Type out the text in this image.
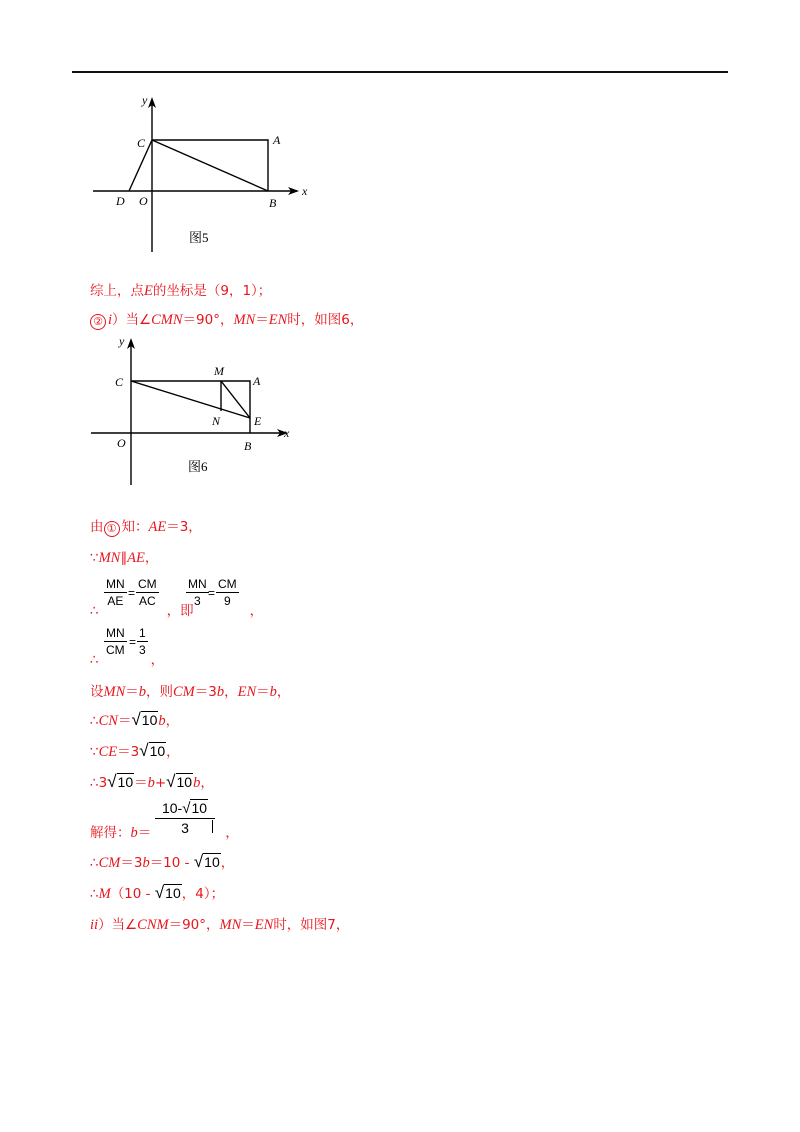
y
x
C	A
D O	B
图5
综上，点E的坐标是（9，1）；
② i）当∠CMN＝90°，MN＝EN时，如图6，
y
x
C
M
A
N	E
O	B
图6
由 ① 知：AE＝3，
∵MN∥AE，
MN
AE
=
CM
AC
MN
3
=
CM
9
∴	，即	，
MN
CM
=
1
3
∴	，
设MN＝b，则CM＝3b，EN＝b，
∴CN＝√10b，
∵CE＝3√10，
∴3√10＝b+√10b，
10-√10
3
解得：b＝	，
∴CM＝3b＝10 - √10，
∴M（10 - √10，4）；
ii）当∠CNM＝90°，MN＝EN时，如图7，
